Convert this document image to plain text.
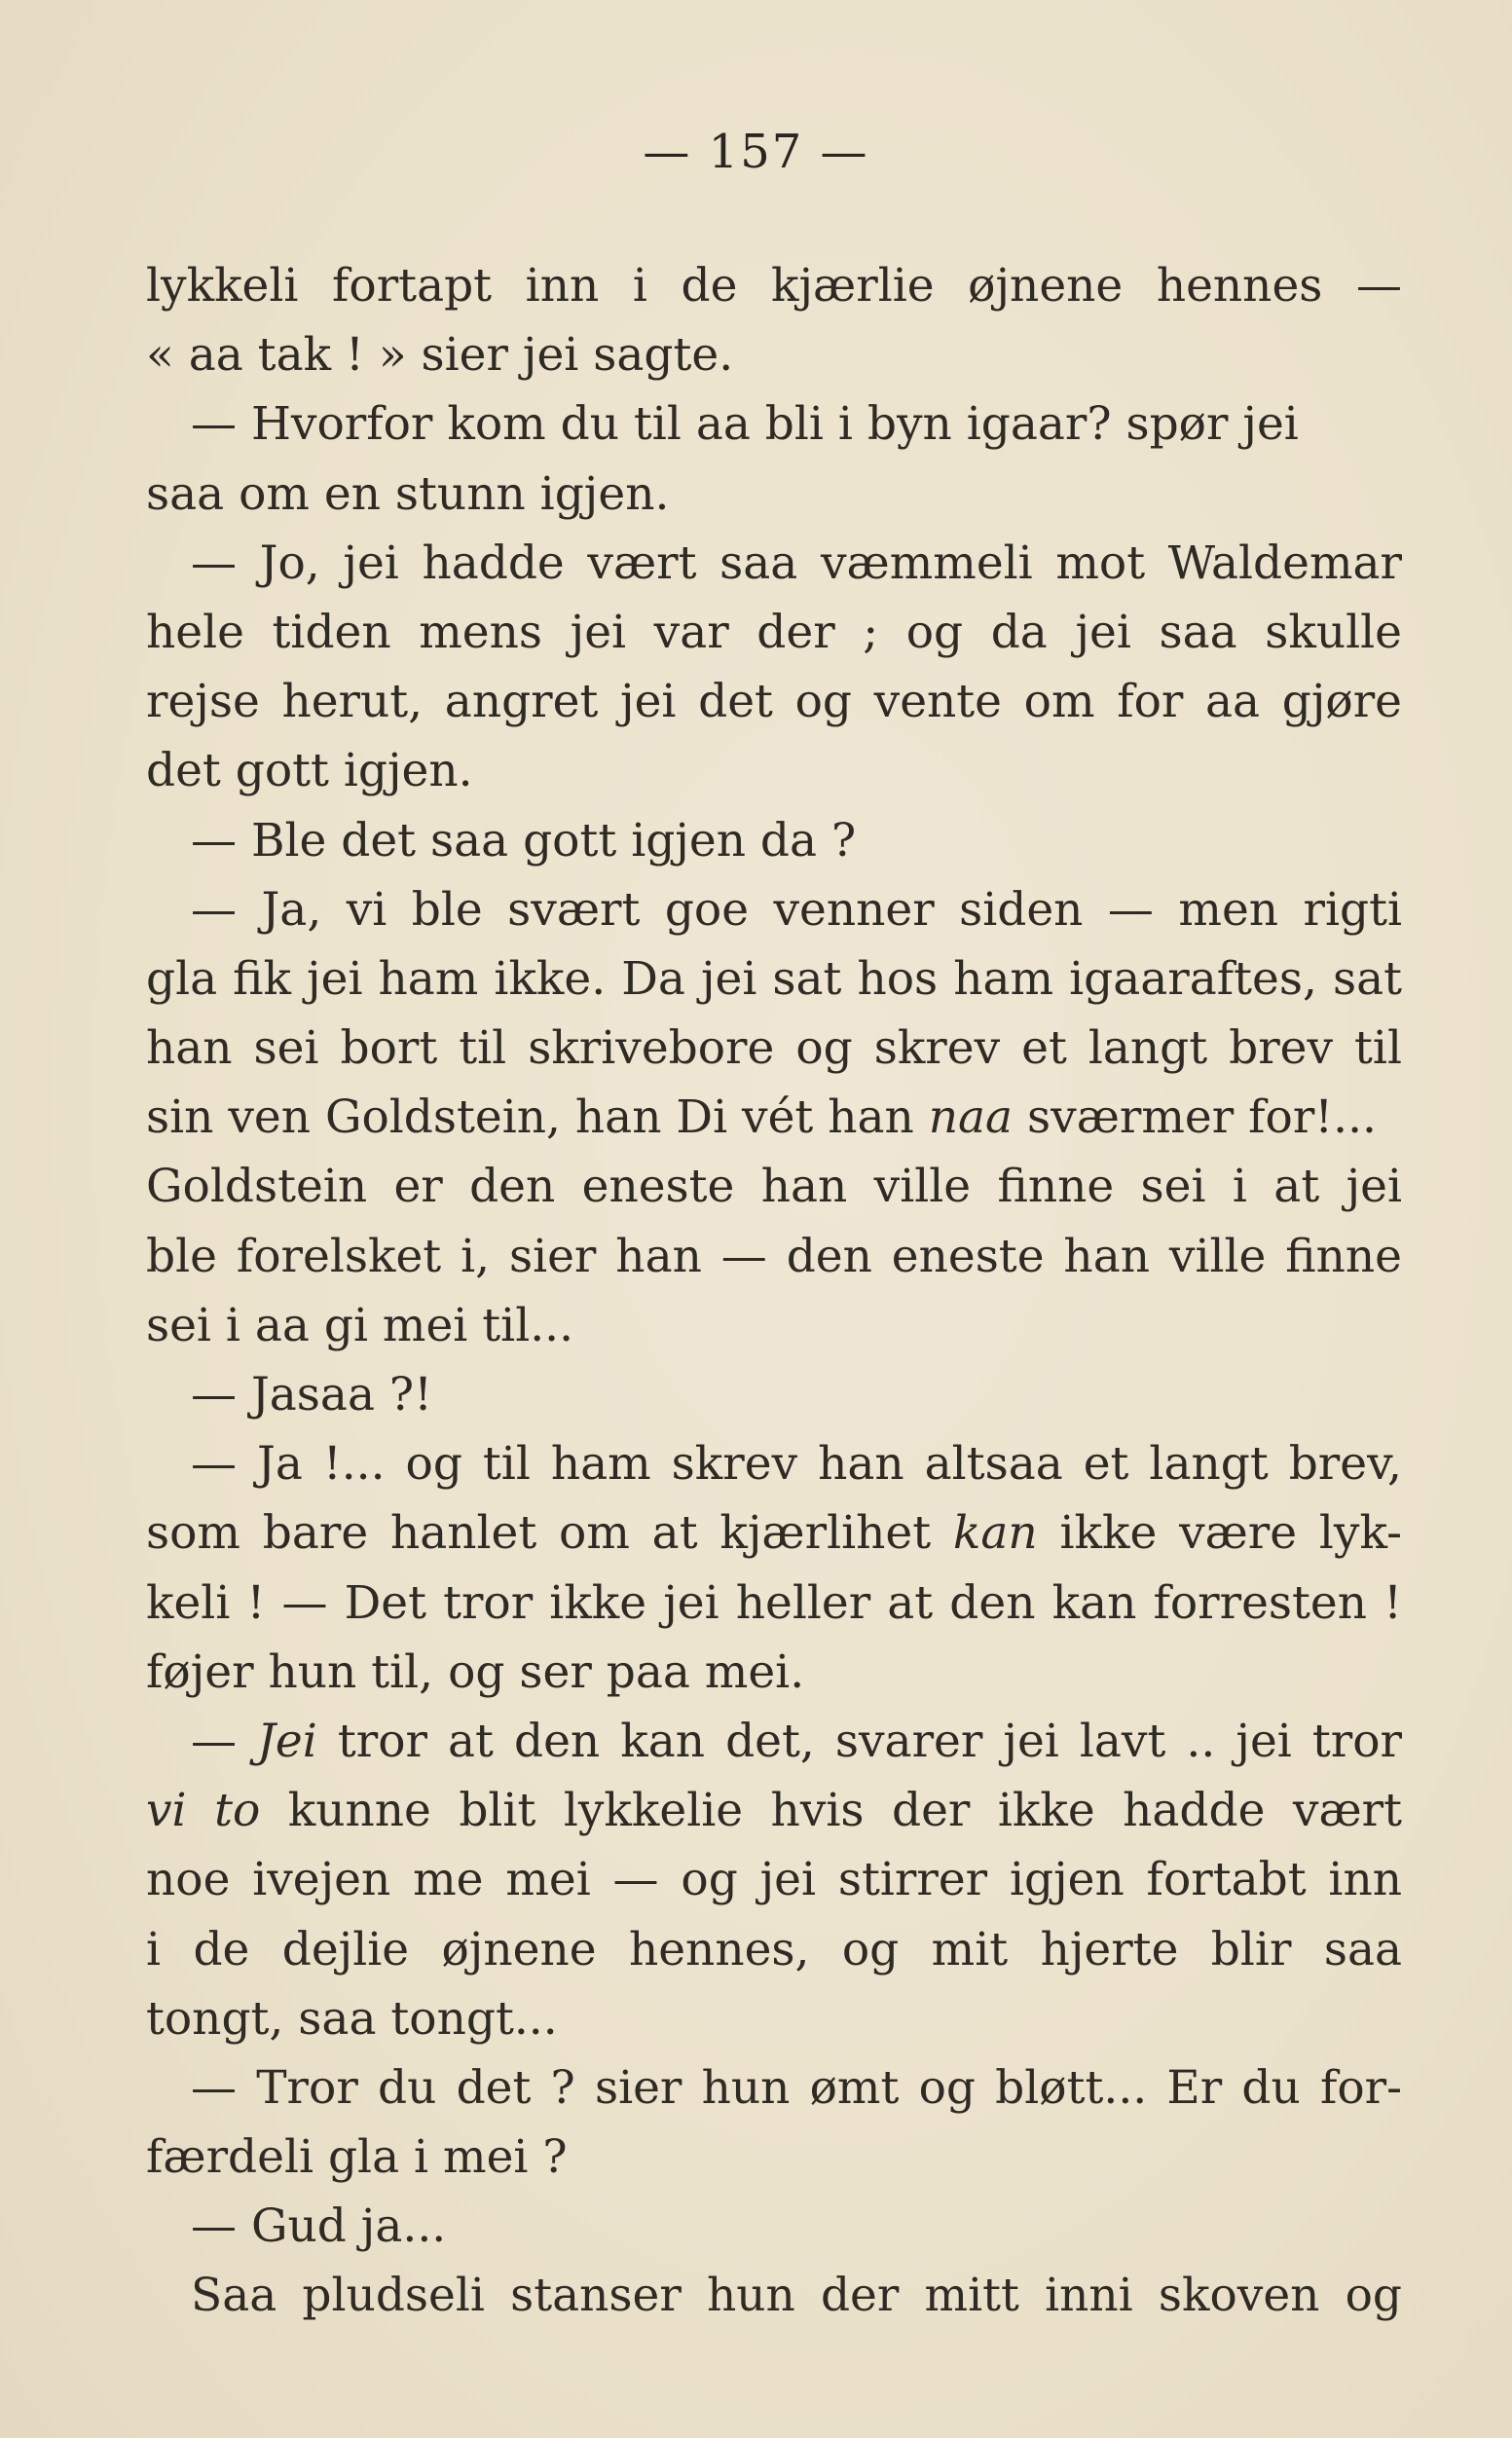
— 157 —
lykkeli fortapt inn i de kjærlie øjnene hennes —
« aa tak ! » sier jei sagte.
— Hvorfor kom du til aa bli i byn igaar? spør jei
saa om en stunn igjen.
— Jo, jei hadde vært saa væmmeli mot Waldemar
hele tiden mens jei var der ; og da jei saa skulle
rejse herut, angret jei det og vente om for aa gjøre
det gott igjen.
— Ble det saa gott igjen da ?
— Ja, vi ble svært goe venner siden — men rigti
gla fik jei ham ikke. Da jei sat hos ham igaaraftes, sat
han sei bort til skrivebore og skrev et langt brev til
sin ven Goldstein, han Di vét han naa sværmer for!...
Goldstein er den eneste han ville finne sei i at jei
ble forelsket i, sier han — den eneste han ville finne
sei i aa gi mei til...
— Jasaa ?!
— Ja !... og til ham skrev han altsaa et langt brev,
som bare hanlet om at kjærlihet kan ikke være lyk-
keli ! — Det tror ikke jei heller at den kan forresten !
føjer hun til, og ser paa mei.
— Jei tror at den kan det, svarer jei lavt .. jei tror
vi to kunne blit lykkelie hvis der ikke hadde vært
noe ivejen me mei — og jei stirrer igjen fortabt inn
i de dejlie øjnene hennes, og mit hjerte blir saa
tongt, saa tongt...
— Tror du det ? sier hun ømt og bløtt... Er du for-
færdeli gla i mei ?
— Gud ja...
Saa pludseli stanser hun der mitt inni skoven og
